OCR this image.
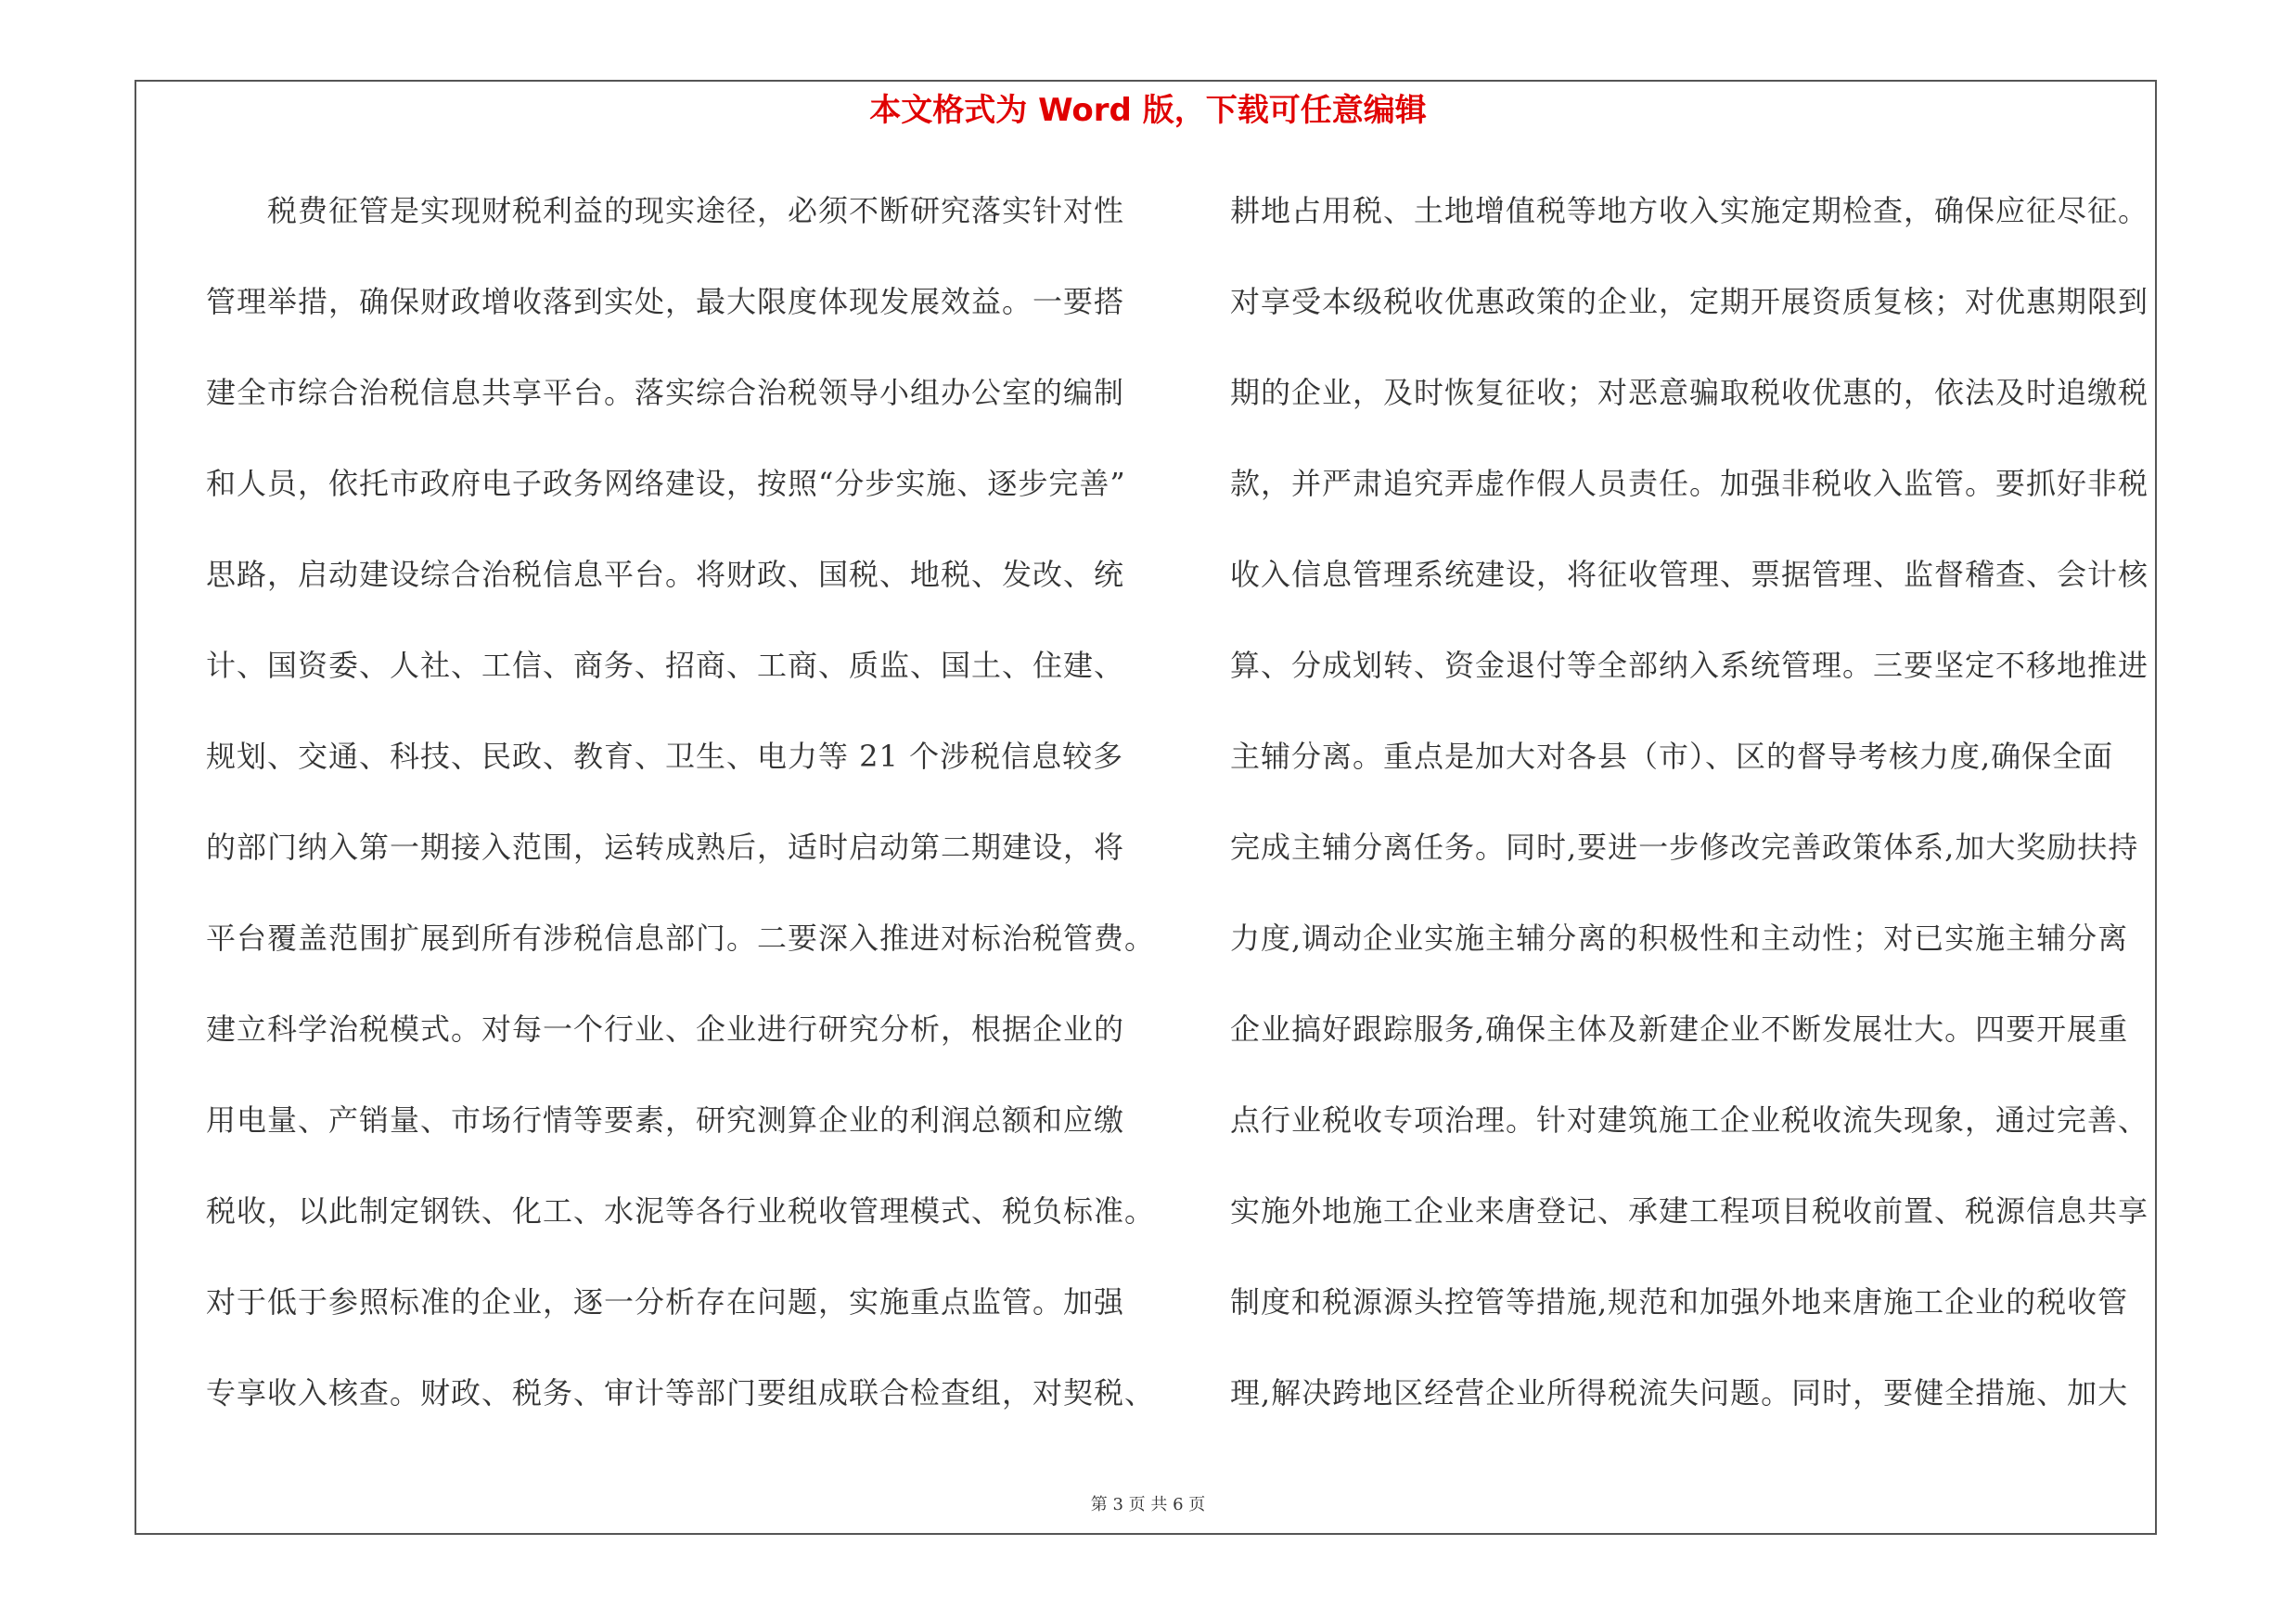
本文格式为 Word 版，下载可任意编辑
　　税费征管是实现财税利益的现实途径，必须不断研究落实针对性
管理举措，确保财政增收落到实处，最大限度体现发展效益。一要搭
建全市综合治税信息共享平台。落实综合治税领导小组办公室的编制
和人员，依托市政府电子政务网络建设，按照“分步实施、逐步完善”
思路，启动建设综合治税信息平台。将财政、国税、地税、发改、统
计、国资委、人社、工信、商务、招商、工商、质监、国土、住建、
规划、交通、科技、民政、教育、卫生、电力等 21 个涉税信息较多
的部门纳入第一期接入范围，运转成熟后，适时启动第二期建设，将
平台覆盖范围扩展到所有涉税信息部门。二要深入推进对标治税管费。
建立科学治税模式。对每一个行业、企业进行研究分析，根据企业的
用电量、产销量、市场行情等要素，研究测算企业的利润总额和应缴
税收，以此制定钢铁、化工、水泥等各行业税收管理模式、税负标准。
对于低于参照标准的企业，逐一分析存在问题，实施重点监管。加强
专享收入核查。财政、税务、审计等部门要组成联合检查组，对契税、
耕地占用税、土地增值税等地方收入实施定期检查，确保应征尽征。
对享受本级税收优惠政策的企业，定期开展资质复核；对优惠期限到
期的企业，及时恢复征收；对恶意骗取税收优惠的，依法及时追缴税
款，并严肃追究弄虚作假人员责任。加强非税收入监管。要抓好非税
收入信息管理系统建设，将征收管理、票据管理、监督稽查、会计核
算、分成划转、资金退付等全部纳入系统管理。三要坚定不移地推进
主辅分离。重点是加大对各县（市）、区的督导考核力度,确保全面
完成主辅分离任务。同时,要进一步修改完善政策体系,加大奖励扶持
力度,调动企业实施主辅分离的积极性和主动性；对已实施主辅分离
企业搞好跟踪服务,确保主体及新建企业不断发展壮大。四要开展重
点行业税收专项治理。针对建筑施工企业税收流失现象，通过完善、
实施外地施工企业来唐登记、承建工程项目税收前置、税源信息共享
制度和税源源头控管等措施,规范和加强外地来唐施工企业的税收管
理,解决跨地区经营企业所得税流失问题。同时，要健全措施、加大
第 3 页 共 6 页
